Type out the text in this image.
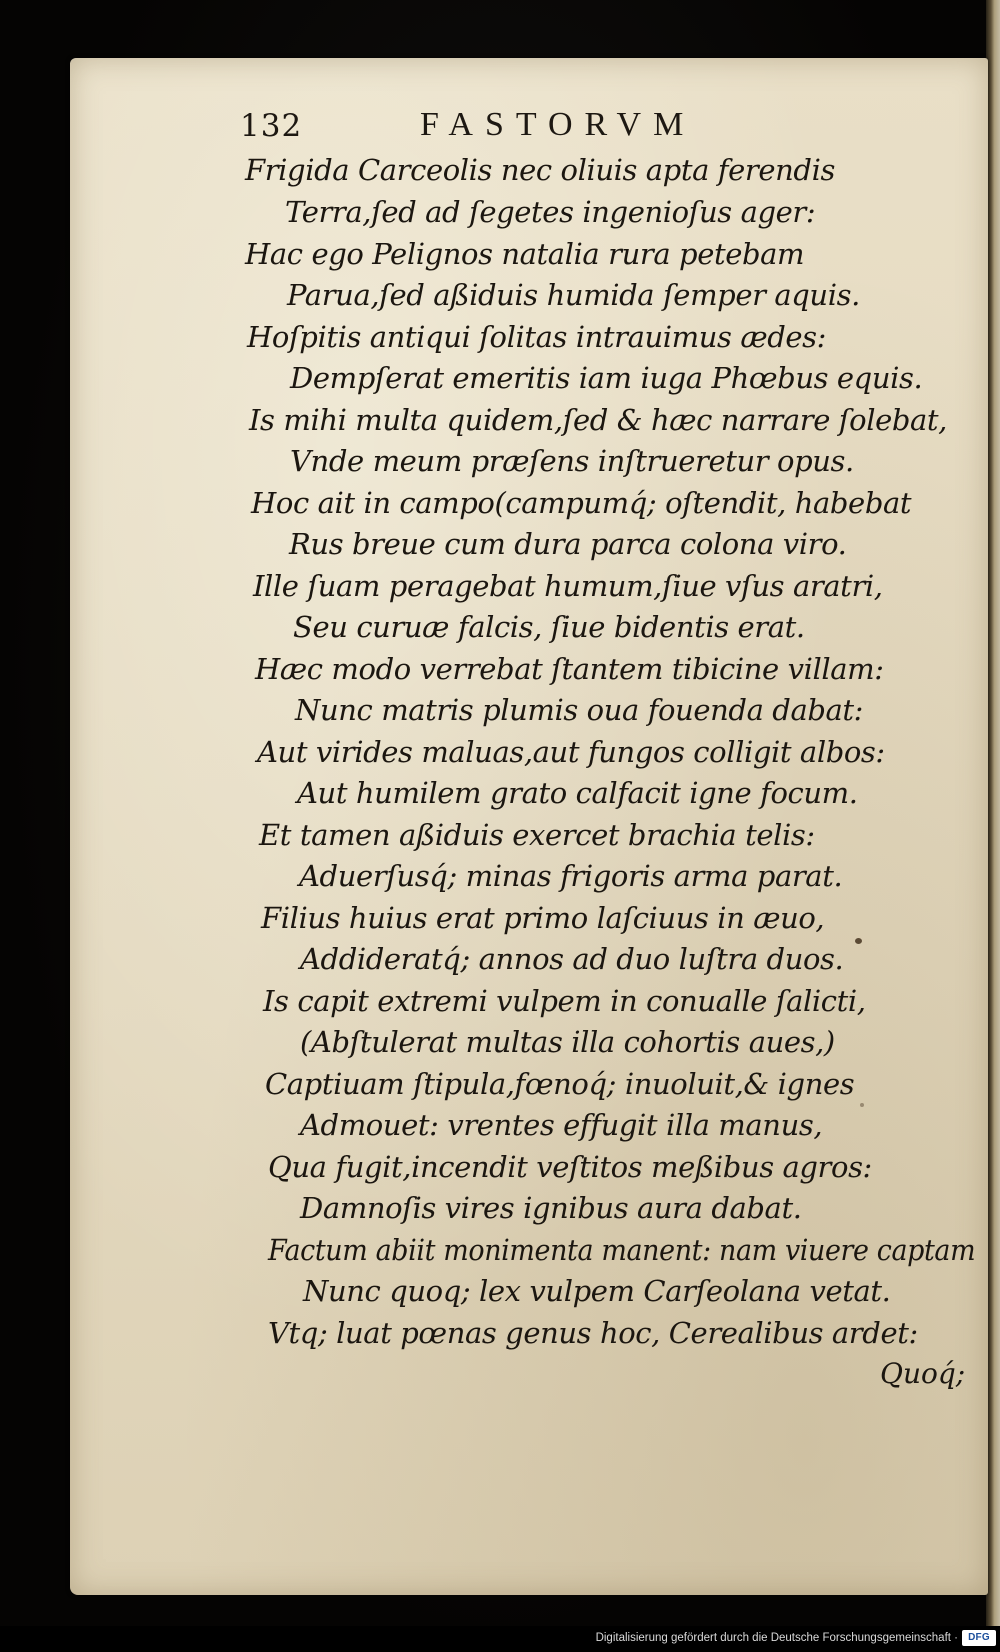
132	FASTORVM
Frigida Carceolis nec oliuis apta ferendis
Terra,ſed ad ſegetes ingenioſus ager:
Hac ego Pelignos natalia rura petebam
Parua,ſed aßiduis humida ſemper aquis.
Hoſpitis antiqui ſolitas intrauimus ædes:
Dempſerat emeritis iam iuga Phœbus equis.
Is mihi multa quidem,ſed & hæc narrare ſolebat,
Vnde meum præſens inſtrueretur opus.
Hoc ait in campo(campumq́; oſtendit, habebat
Rus breue cum dura parca colona viro.
Ille ſuam peragebat humum,ſiue vſus aratri,
Seu curuæ falcis, ſiue bidentis erat.
Hæc modo verrebat ſtantem tibicine villam:
Nunc matris plumis oua fouenda dabat:
Aut virides maluas,aut fungos colligit albos:
Aut humilem grato calfacit igne focum.
Et tamen aßiduis exercet brachia telis:
Aduerſusq́; minas frigoris arma parat.
Filius huius erat primo laſciuus in æuo,
Addideratq́; annos ad duo luſtra duos.
Is capit extremi vulpem in conualle ſalicti,
(Abſtulerat multas illa cohortis aues,)
Captiuam ſtipula,fœnoq́; inuoluit,& ignes
Admouet: vrentes effugit illa manus,
Qua fugit,incendit veſtitos meßibus agros:
Damnoſis vires ignibus aura dabat.
Factum abiit monimenta manent: nam viuere captam
Nunc quoq; lex vulpem Carſeolana vetat.
Vtq; luat pœnas genus hoc, Cerealibus ardet:
Quoq́;
Digitalisierung gefördert durch die Deutsche Forschungsgemeinschaft ·	DFG
